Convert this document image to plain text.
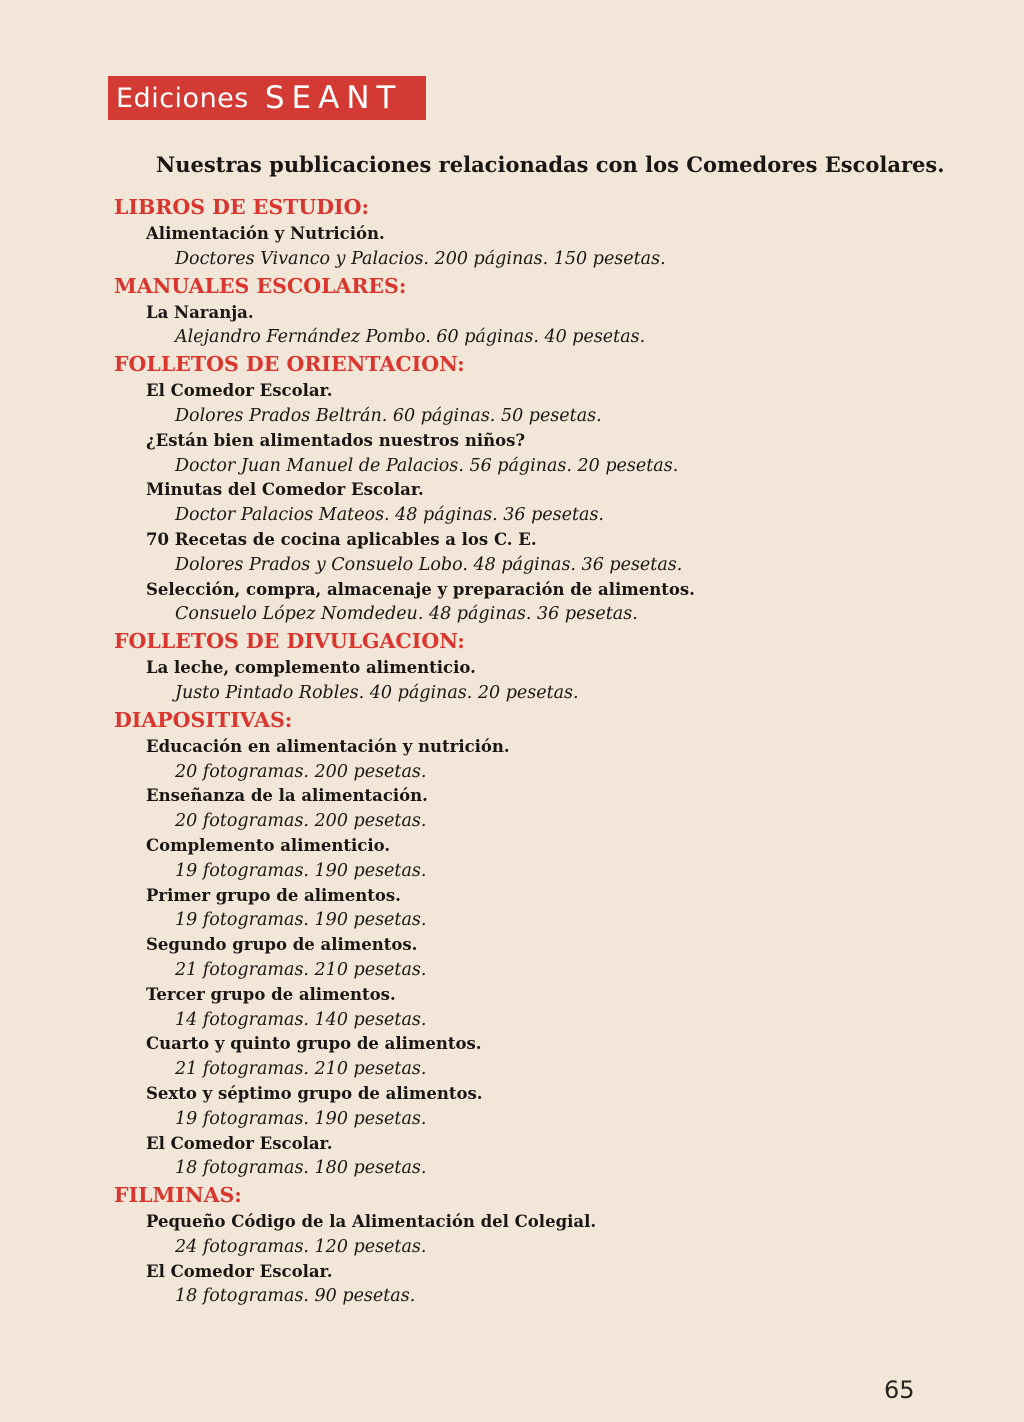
Ediciones SEANT
Nuestras publicaciones relacionadas con los Comedores Escolares.
LIBROS DE ESTUDIO:
Alimentación y Nutrición.
Doctores Vivanco y Palacios. 200 páginas. 150 pesetas.
MANUALES ESCOLARES:
La Naranja.
Alejandro Fernández Pombo. 60 páginas. 40 pesetas.
FOLLETOS DE ORIENTACION:
El Comedor Escolar.
Dolores Prados Beltrán. 60 páginas. 50 pesetas.
¿Están bien alimentados nuestros niños?
Doctor Juan Manuel de Palacios. 56 páginas. 20 pesetas.
Minutas del Comedor Escolar.
Doctor Palacios Mateos. 48 páginas. 36 pesetas.
70 Recetas de cocina aplicables a los C. E.
Dolores Prados y Consuelo Lobo. 48 páginas. 36 pesetas.
Selección, compra, almacenaje y preparación de alimentos.
Consuelo López Nomdedeu. 48 páginas. 36 pesetas.
FOLLETOS DE DIVULGACION:
La leche, complemento alimenticio.
Justo Pintado Robles. 40 páginas. 20 pesetas.
DIAPOSITIVAS:
Educación en alimentación y nutrición.
20 fotogramas. 200 pesetas.
Enseñanza de la alimentación.
20 fotogramas. 200 pesetas.
Complemento alimenticio.
19 fotogramas. 190 pesetas.
Primer grupo de alimentos.
19 fotogramas. 190 pesetas.
Segundo grupo de alimentos.
21 fotogramas. 210 pesetas.
Tercer grupo de alimentos.
14 fotogramas. 140 pesetas.
Cuarto y quinto grupo de alimentos.
21 fotogramas. 210 pesetas.
Sexto y séptimo grupo de alimentos.
19 fotogramas. 190 pesetas.
El Comedor Escolar.
18 fotogramas. 180 pesetas.
FILMINAS:
Pequeño Código de la Alimentación del Colegial.
24 fotogramas. 120 pesetas.
El Comedor Escolar.
18 fotogramas. 90 pesetas.
65
